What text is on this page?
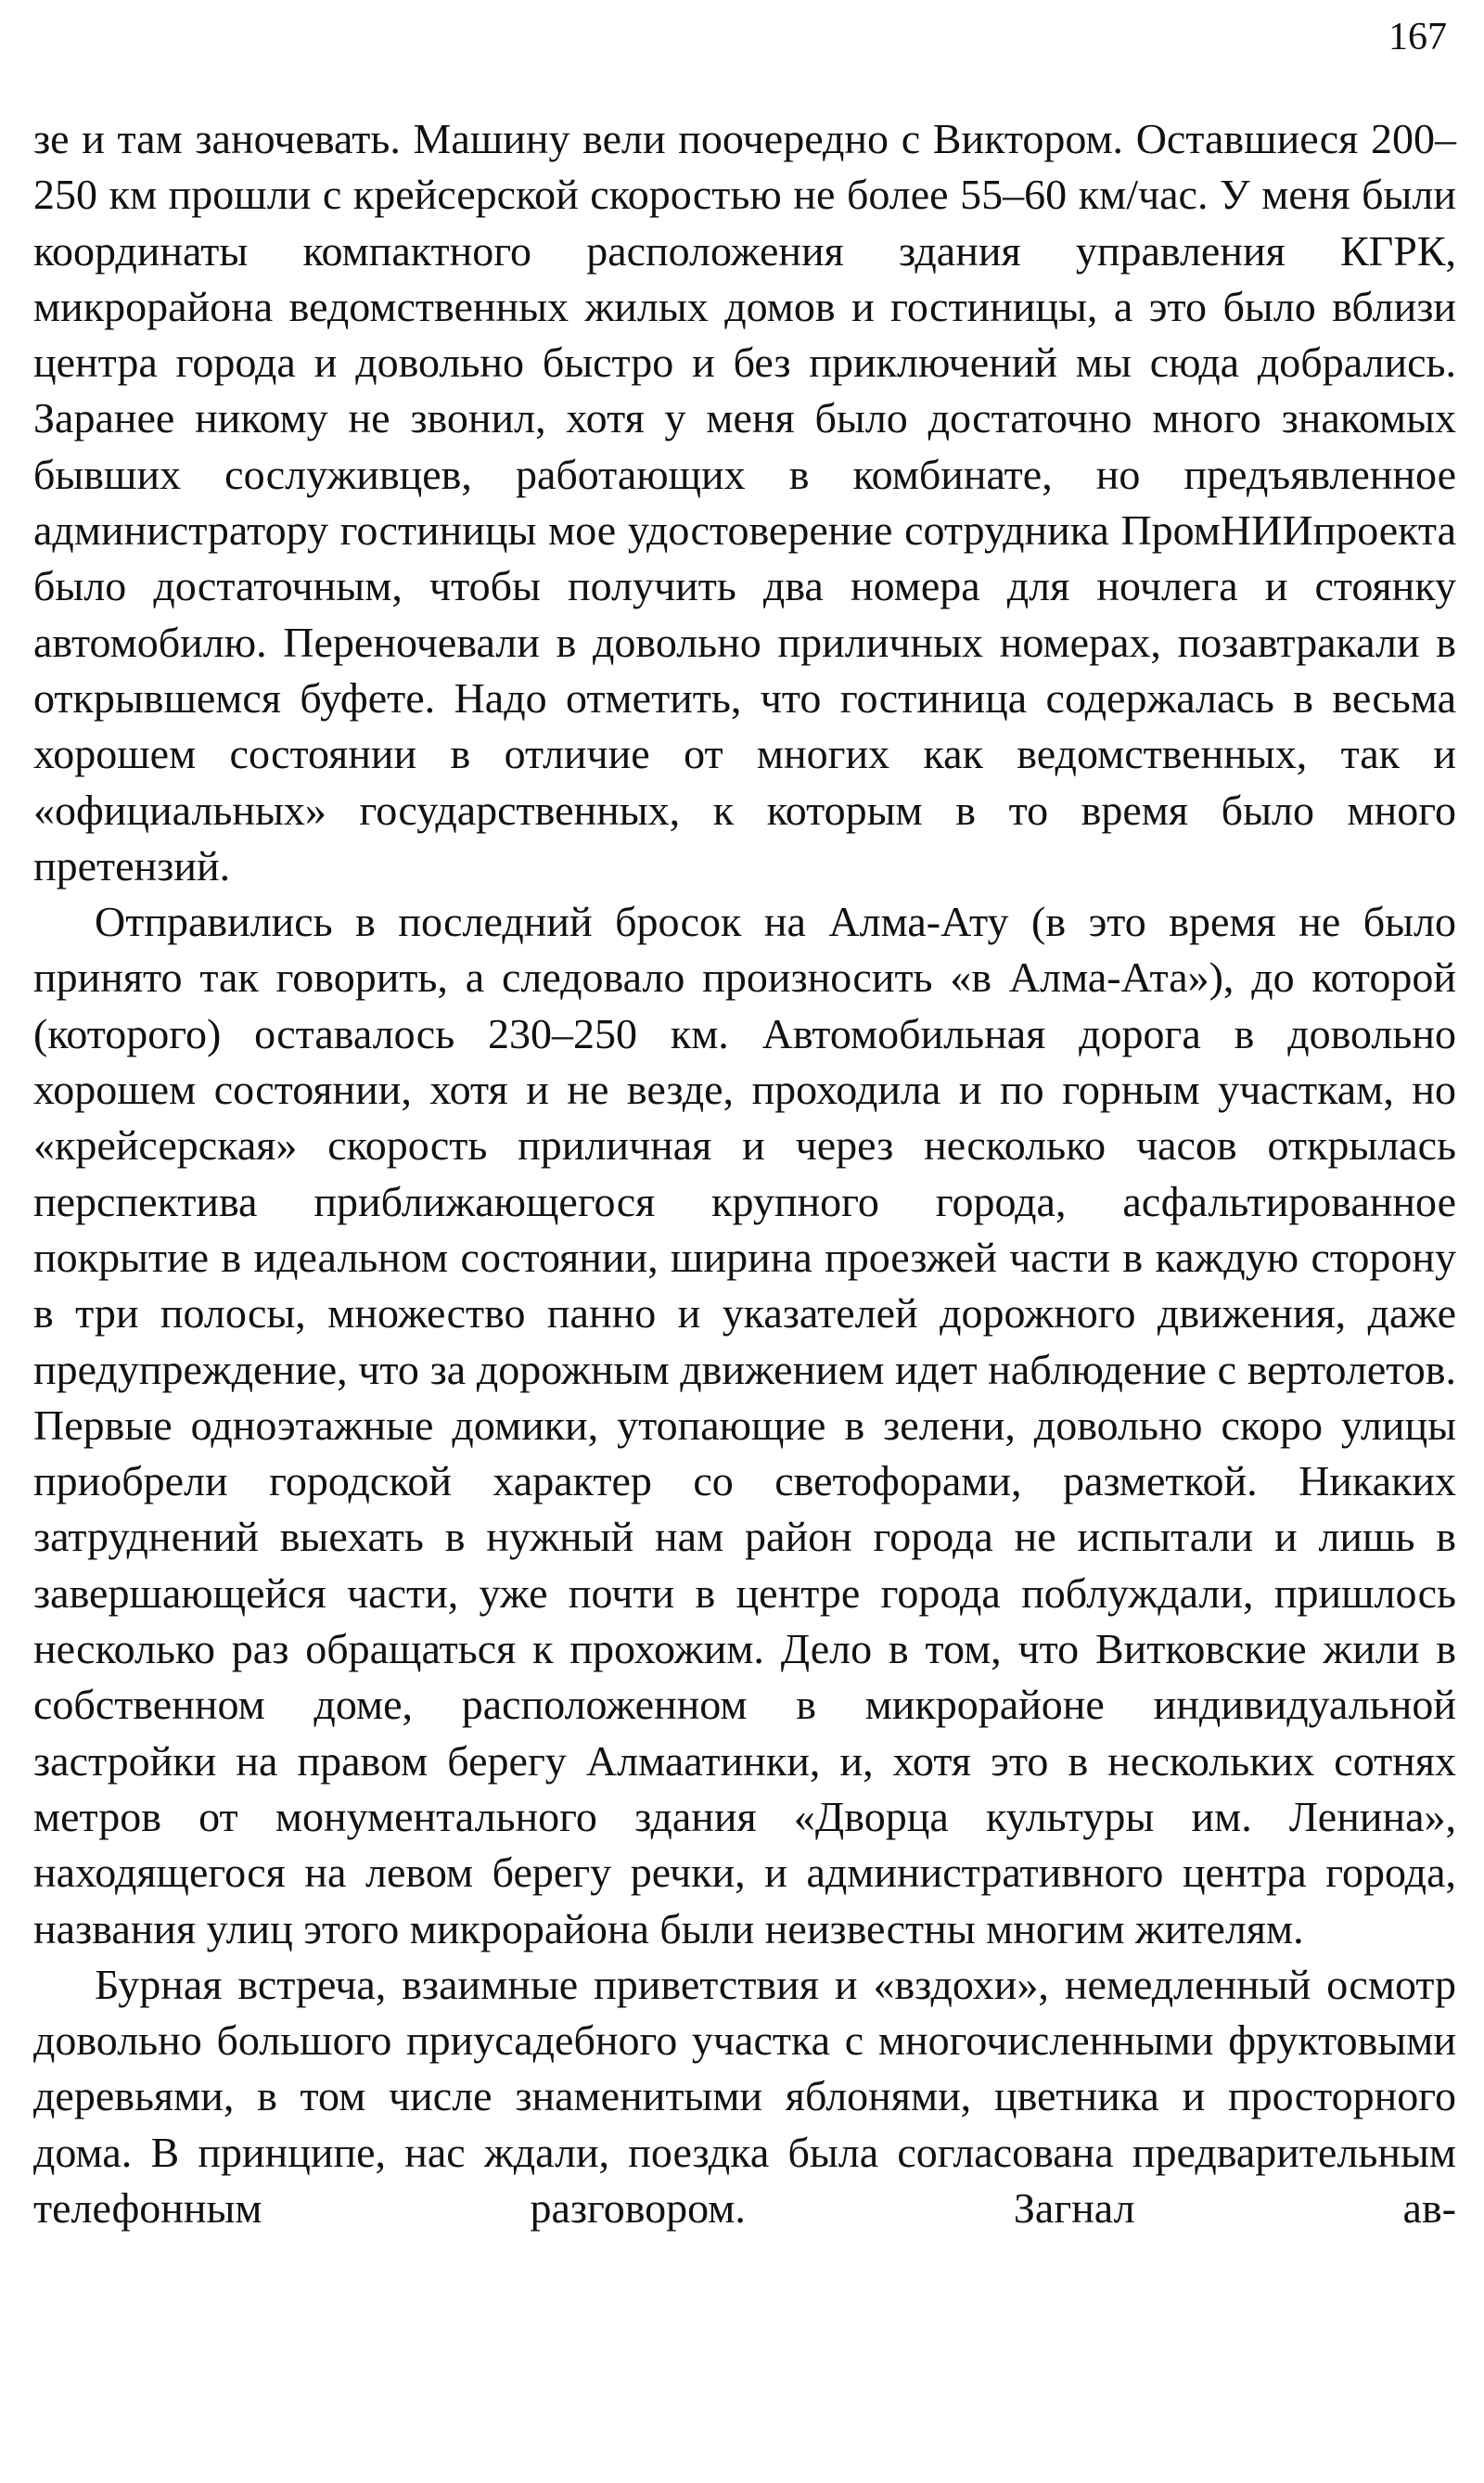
167

зе и там заночевать. Машину вели поочередно с Виктором. Оставшиеся 200–250 км прошли с крейсерской скоростью не более 55–60 км/час. У меня были координаты компактного расположения здания управления КГРК, микрорайона ведомственных жилых домов и гостиницы, а это было вблизи центра города и довольно быстро и без приключений мы сюда добрались. Заранее никому не звонил, хотя у меня было достаточно много знакомых бывших сослуживцев, работающих в комбинате, но предъявленное администратору гостиницы мое удостоверение сотрудника ПромНИИпроекта было достаточным, чтобы получить два номера для ночлега и стоянку автомобилю. Переночевали в довольно приличных номерах, позавтракали в открывшемся буфете. Надо отметить, что гостиница содержалась в весьма хорошем состоянии в отличие от многих как ведомственных, так и «официальных» государственных, к которым в то время было много претензий.

Отправились в последний бросок на Алма-Ату (в это время не было принято так говорить, а следовало произносить «в Алма-Ата»), до которой (которого) оставалось 230–250 км. Автомобильная дорога в довольно хорошем состоянии, хотя и не везде, проходила и по горным участкам, но «крейсерская» скорость приличная и через несколько часов открылась перспектива приближающегося крупного города, асфальтированное покрытие в идеальном состоянии, ширина проезжей части в каждую сторону в три полосы, множество панно и указателей дорожного движения, даже предупреждение, что за дорожным движением идет наблюдение с вертолетов. Первые одноэтажные домики, утопающие в зелени, довольно скоро улицы приобрели городской характер со светофорами, разметкой. Никаких затруднений выехать в нужный нам район города не испытали и лишь в завершающейся части, уже почти в центре города поблуждали, пришлось несколько раз обращаться к прохожим. Дело в том, что Витковские жили в собственном доме, расположенном в микрорайоне индивидуальной застройки на правом берегу Алмаатинки, и, хотя это в нескольких сотнях метров от монументального здания «Дворца культуры им. Ленина», находящегося на левом берегу речки, и административного центра города, названия улиц этого микрорайона были неизвестны многим жителям.

Бурная встреча, взаимные приветствия и «вздохи», немедленный осмотр довольно большого приусадебного участка с многочисленными фруктовыми деревьями, в том числе знаменитыми яблонями, цветника и просторного дома. В принципе, нас ждали, поездка была согласована предварительным телефонным разговором. Загнал ав-
